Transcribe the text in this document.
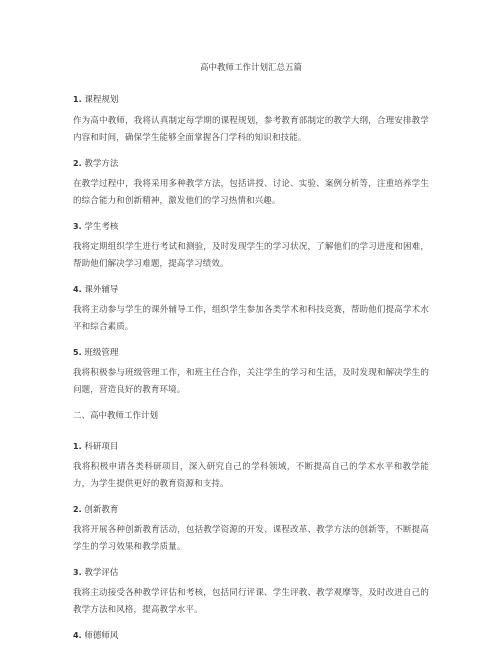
高中教师工作计划汇总五篇
1. 课程规划
作为高中教师，我将认真制定每学期的课程规划，参考教育部制定的教学大纲，合理安排教学内容和时间，确保学生能够全面掌握各门学科的知识和技能。
2. 教学方法
在教学过程中，我将采用多种教学方法，包括讲授、讨论、实验、案例分析等，注重培养学生的综合能力和创新精神，激发他们的学习热情和兴趣。
3. 学生考核
我将定期组织学生进行考试和测验，及时发现学生的学习状况，了解他们的学习进度和困难，帮助他们解决学习难题，提高学习绩效。
4. 课外辅导
我将主动参与学生的课外辅导工作，组织学生参加各类学术和科技竞赛，帮助他们提高学术水平和综合素质。
5. 班级管理
我将积极参与班级管理工作，和班主任合作，关注学生的学习和生活，及时发现和解决学生的问题，营造良好的教育环境。
二、高中教师工作计划
1. 科研项目
我将积极申请各类科研项目，深入研究自己的学科领域，不断提高自己的学术水平和教学能力，为学生提供更好的教育资源和支持。
2. 创新教育
我将开展各种创新教育活动，包括教学资源的开发、课程改革、教学方法的创新等，不断提高学生的学习效果和教学质量。
3. 教学评估
我将主动接受各种教学评估和考核，包括同行评课、学生评教、教学观摩等，及时改进自己的教学方法和风格，提高教学水平。
4. 师德师风
